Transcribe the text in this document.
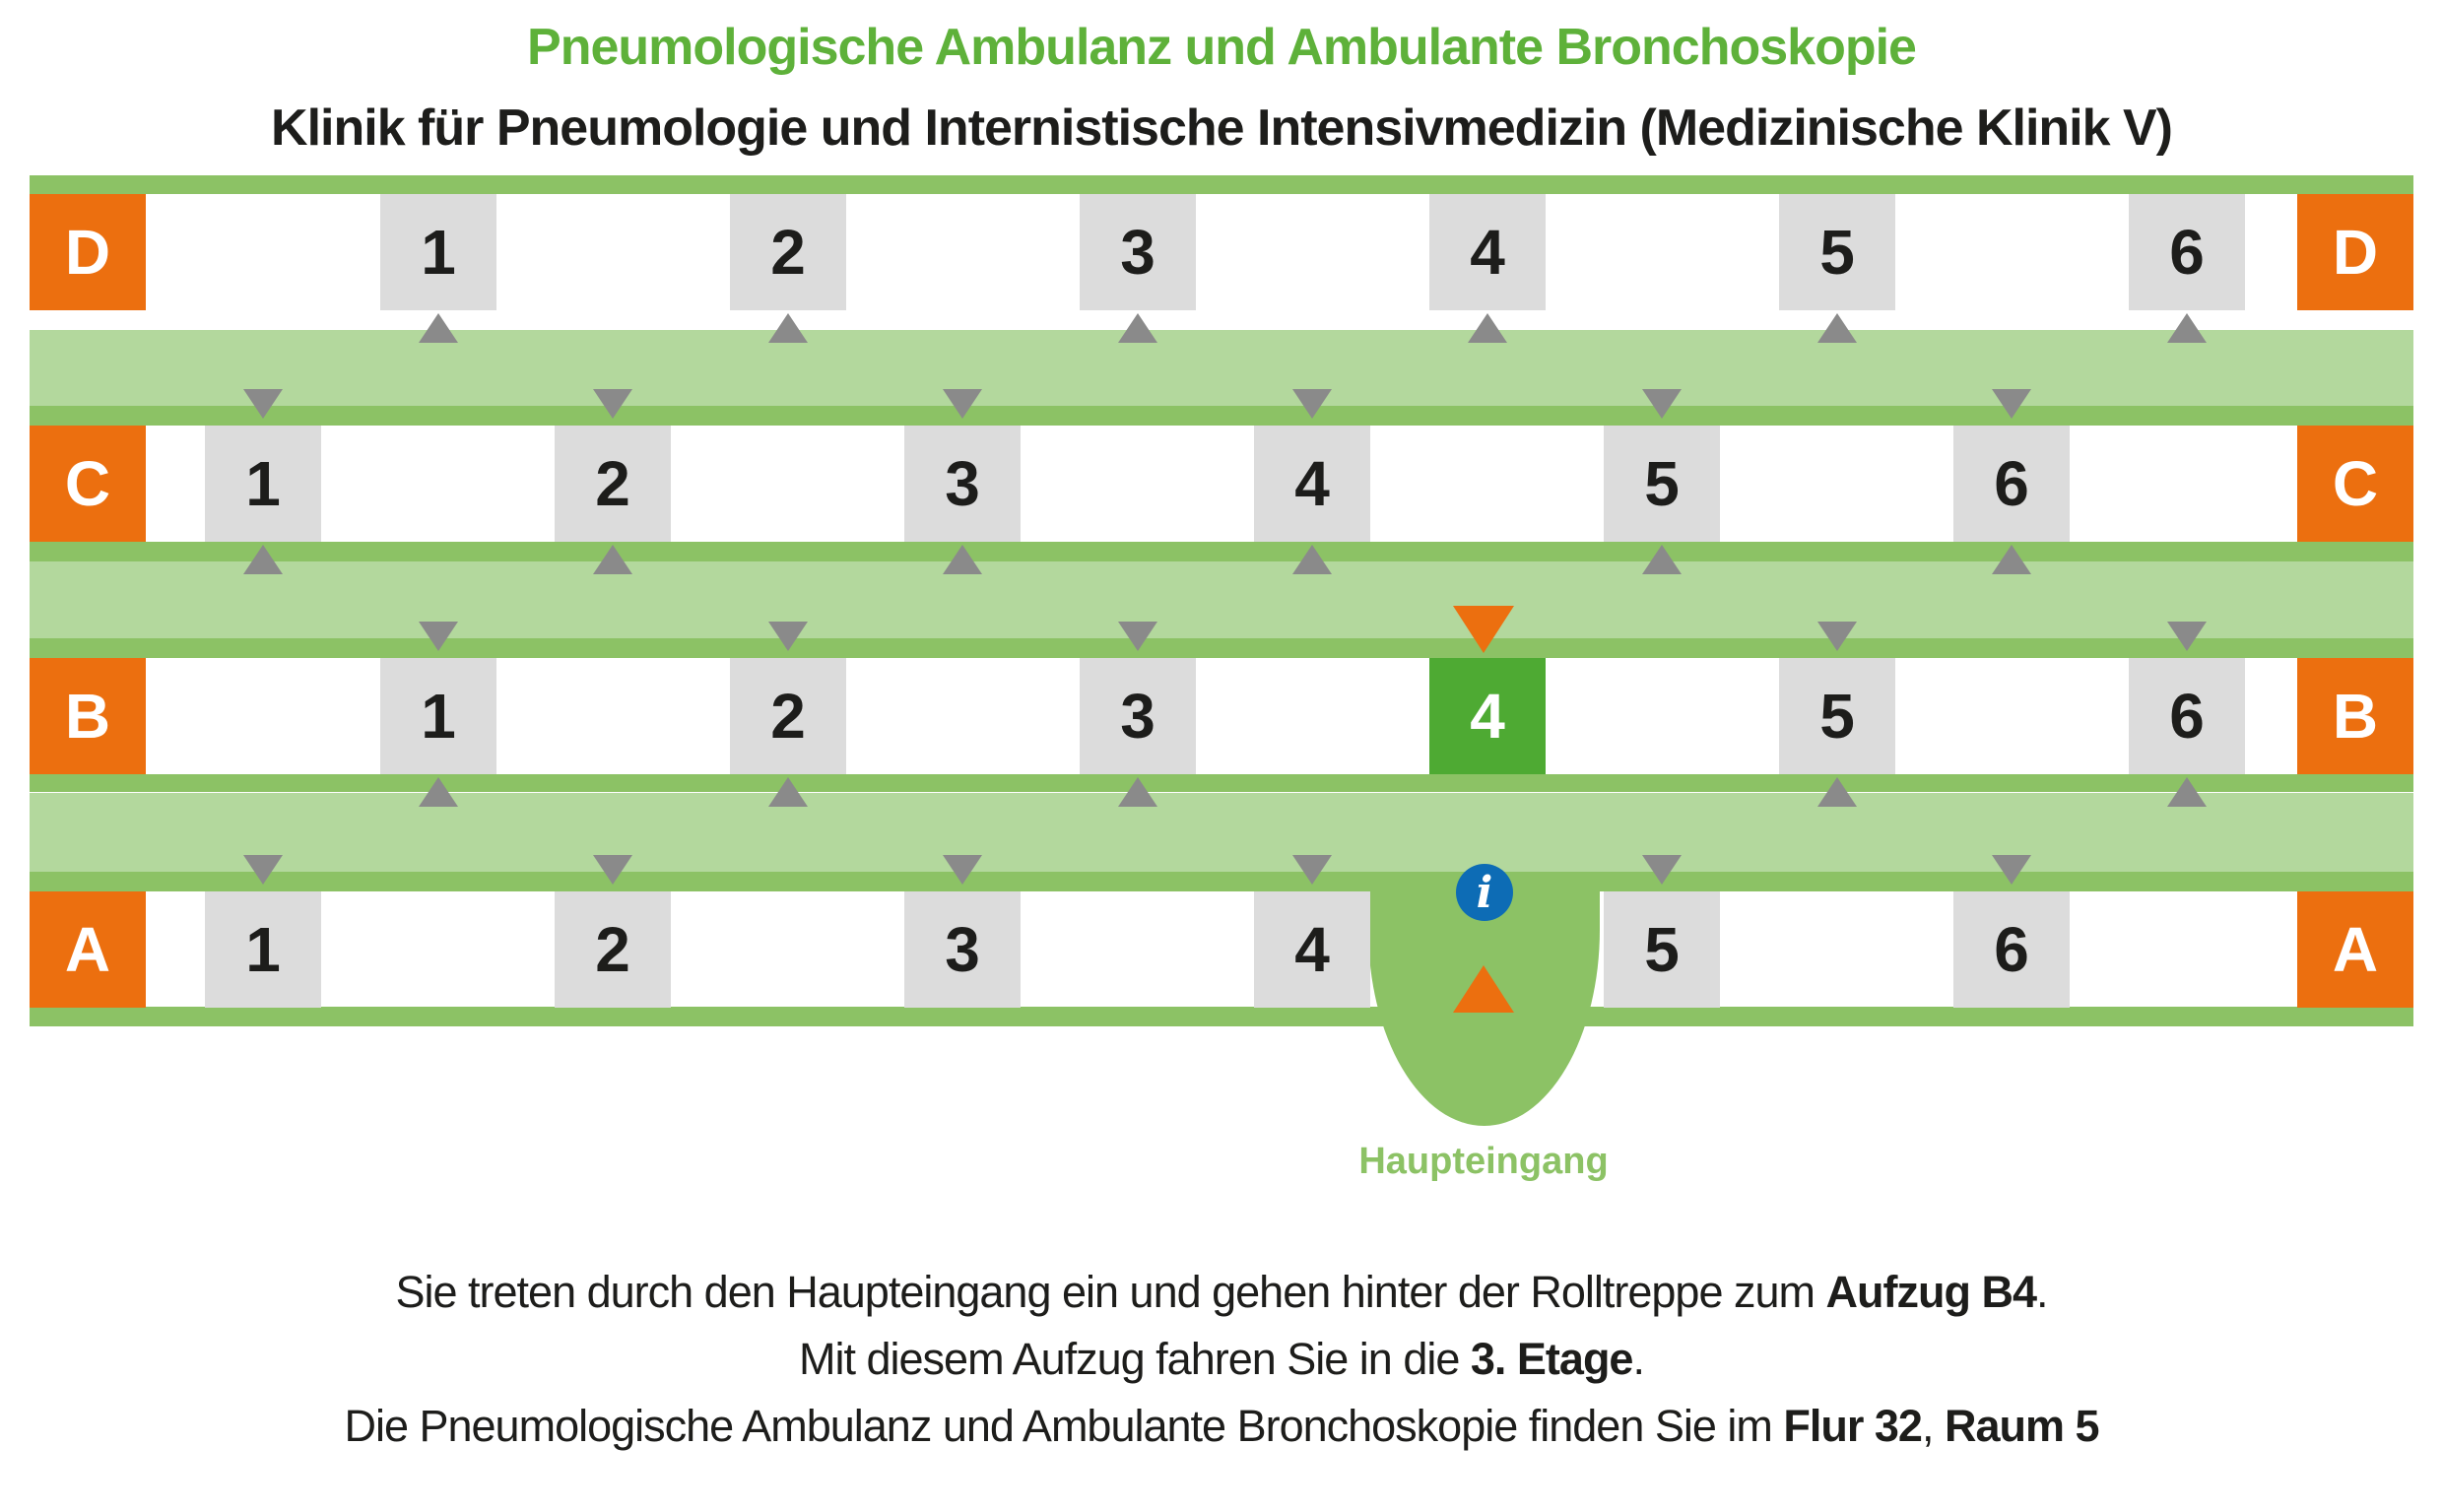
Pneumologische Ambulanz und Ambulante Bronchoskopie
Klinik für Pneumologie und Internistische Intensivmedizin (Medizinische Klinik V)
D	D
1	2	3	4	5	6
C	C
1	2	3	4	5	6
B	B
1	2	3	4	5	6
A	A
1	2	3	4	5	6
i
Haupteingang

Sie treten durch den Haupteingang ein und gehen hinter der Rolltreppe zum Aufzug B4.

Mit diesem Aufzug fahren Sie in die 3. Etage.

Die Pneumologische Ambulanz und Ambulante Bronchoskopie finden Sie im Flur 32, Raum 5
